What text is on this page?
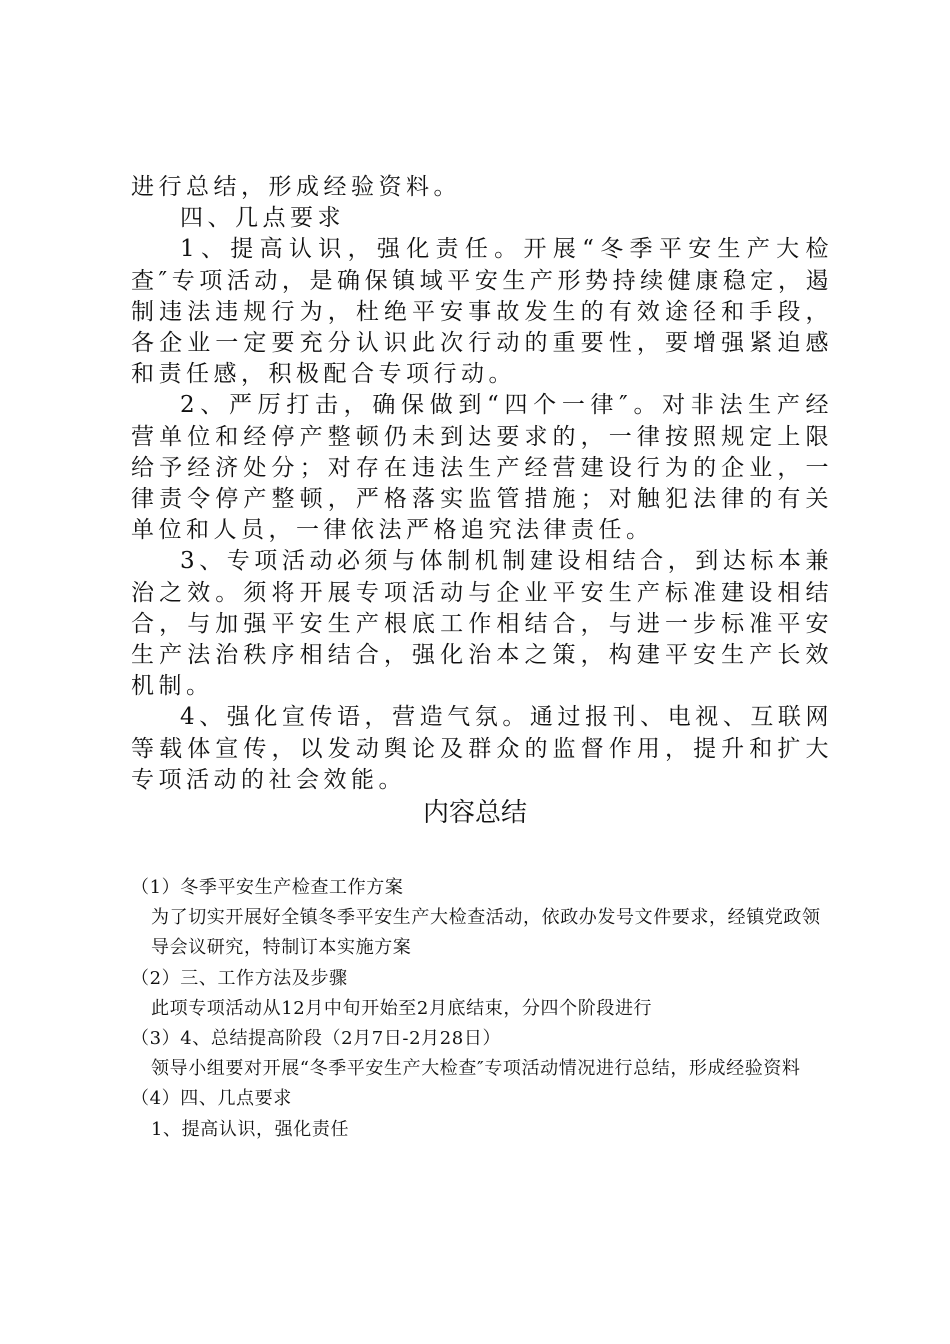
进行总结，形成经验资料。

四、几点要求

1、提高认识，强化责任。开展“冬季平安生产大检查″专项活动，是确保镇域平安生产形势持续健康稳定，遏制违法违规行为，杜绝平安事故发生的有效途径和手段，各企业一定要充分认识此次行动的重要性，要增强紧迫感和责任感，积极配合专项行动。

2、严厉打击，确保做到“四个一律″。对非法生产经营单位和经停产整顿仍未到达要求的，一律按照规定上限给予经济处分；对存在违法生产经营建设行为的企业，一律责令停产整顿，严格落实监管措施；对触犯法律的有关单位和人员，一律依法严格追究法律责任。

3、专项活动必须与体制机制建设相结合，到达标本兼治之效。须将开展专项活动与企业平安生产标准建设相结合，与加强平安生产根底工作相结合，与进一步标准平安生产法治秩序相结合，强化治本之策，构建平安生产长效机制。

4、强化宣传语，营造气氛。通过报刊、电视、互联网等载体宣传，以发动舆论及群众的监督作用，提升和扩大专项活动的社会效能。

内容总结

（1）冬季平安生产检查工作方案

为了切实开展好全镇冬季平安生产大检查活动，依政办发号文件要求，经镇党政领导会议研究，特制订本实施方案

（2）三、工作方法及步骤

此项专项活动从12月中旬开始至2月底结束，分四个阶段进行

（3）4、总结提高阶段（2月7日-2月28日）

领导小组要对开展“冬季平安生产大检查″专项活动情况进行总结，形成经验资料

（4）四、几点要求

1、提高认识，强化责任
